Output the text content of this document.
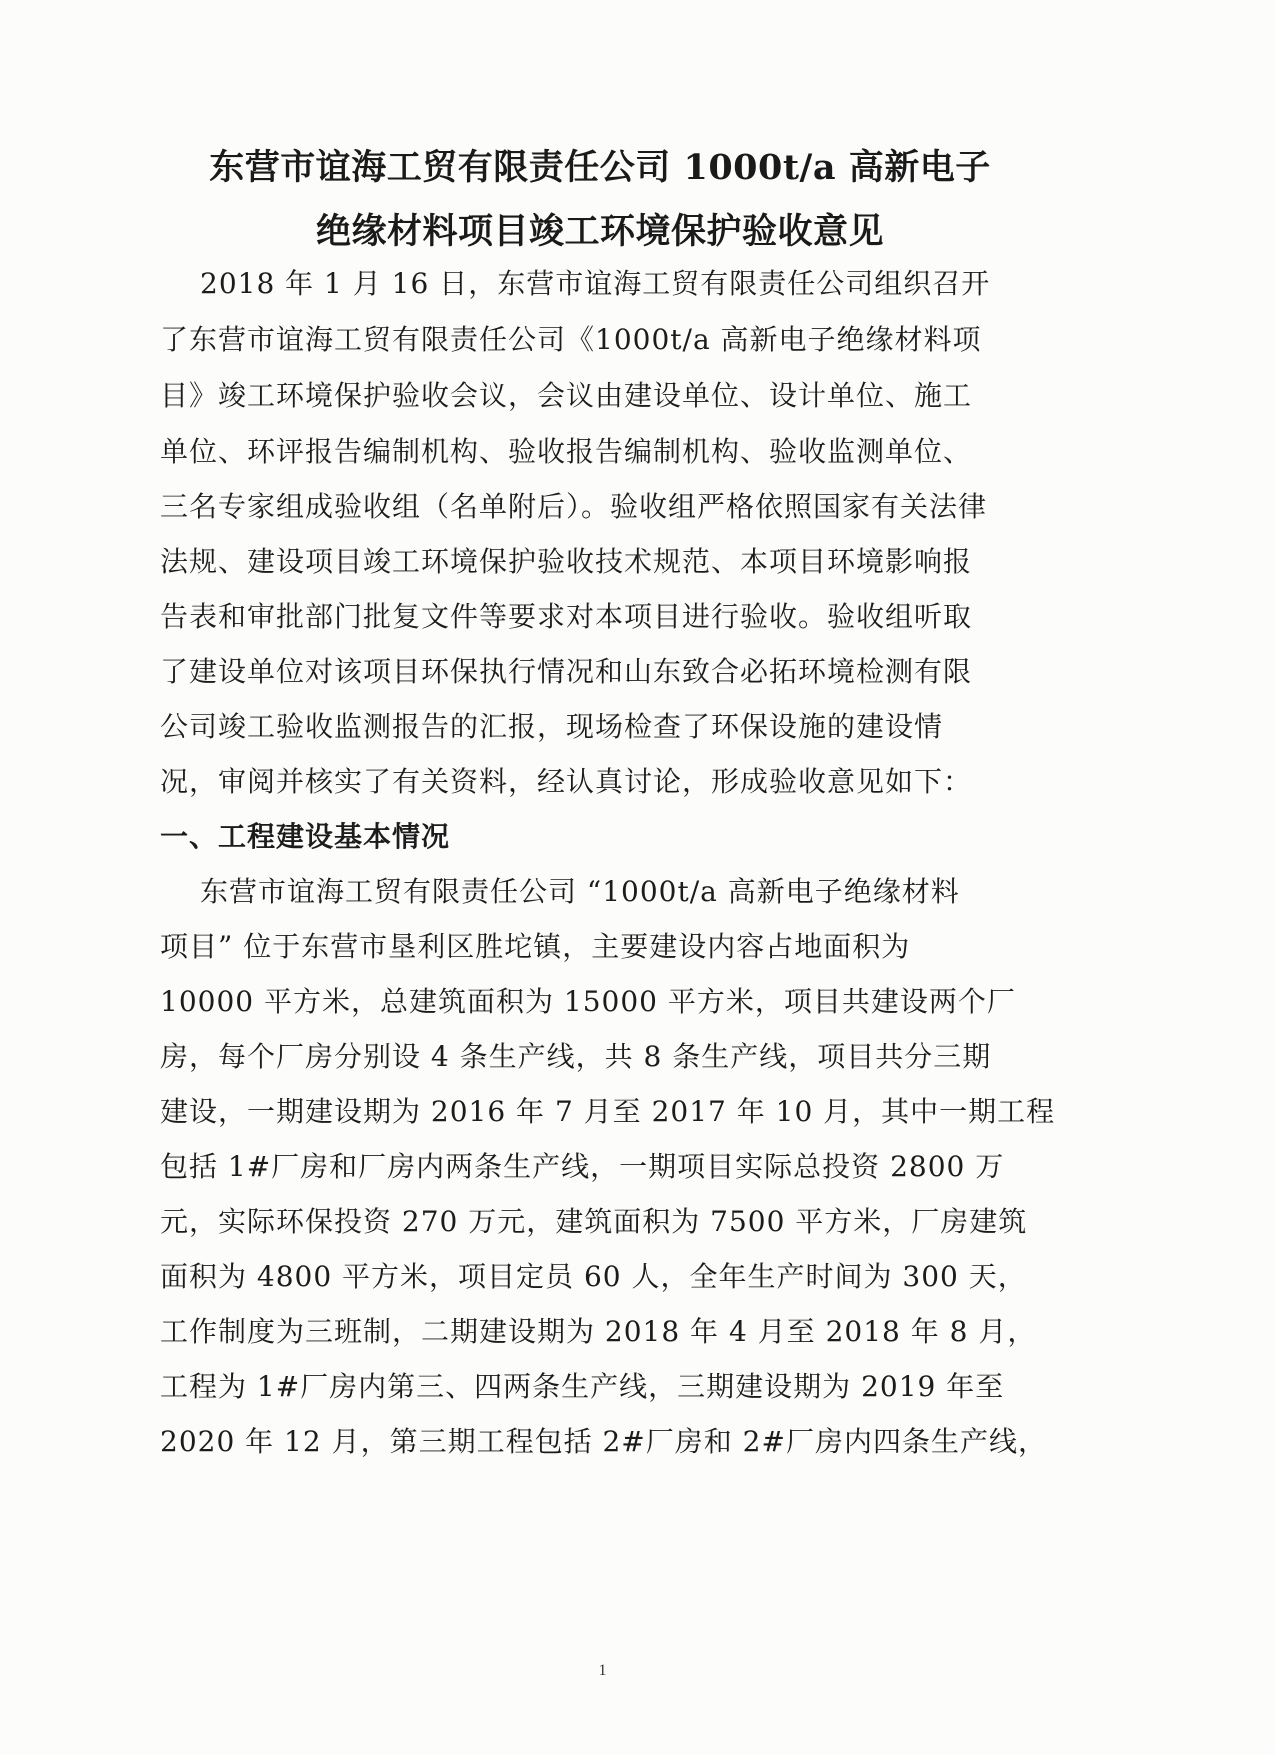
东营市谊海工贸有限责任公司 1000t/a 高新电子
绝缘材料项目竣工环境保护验收意见
2018 年 1 月 16 日，东营市谊海工贸有限责任公司组织召开
了东营市谊海工贸有限责任公司《1000t/a 高新电子绝缘材料项
目》竣工环境保护验收会议，会议由建设单位、设计单位、施工
单位、环评报告编制机构、验收报告编制机构、验收监测单位、
三名专家组成验收组（名单附后）。验收组严格依照国家有关法律
法规、建设项目竣工环境保护验收技术规范、本项目环境影响报
告表和审批部门批复文件等要求对本项目进行验收。验收组听取
了建设单位对该项目环保执行情况和山东致合必拓环境检测有限
公司竣工验收监测报告的汇报，现场检查了环保设施的建设情
况，审阅并核实了有关资料，经认真讨论，形成验收意见如下：
一、工程建设基本情况
东营市谊海工贸有限责任公司 “1000t/a 高新电子绝缘材料
项目” 位于东营市垦利区胜坨镇，主要建设内容占地面积为
10000 平方米，总建筑面积为 15000 平方米，项目共建设两个厂
房，每个厂房分别设 4 条生产线，共 8 条生产线，项目共分三期
建设，一期建设期为 2016 年 7 月至 2017 年 10 月，其中一期工程
包括 1#厂房和厂房内两条生产线，一期项目实际总投资 2800 万
元，实际环保投资 270 万元，建筑面积为 7500 平方米，厂房建筑
面积为 4800 平方米，项目定员 60 人，全年生产时间为 300 天，
工作制度为三班制，二期建设期为 2018 年 4 月至 2018 年 8 月，
工程为 1#厂房内第三、四两条生产线，三期建设期为 2019 年至
2020 年 12 月，第三期工程包括 2#厂房和 2#厂房内四条生产线，
1
